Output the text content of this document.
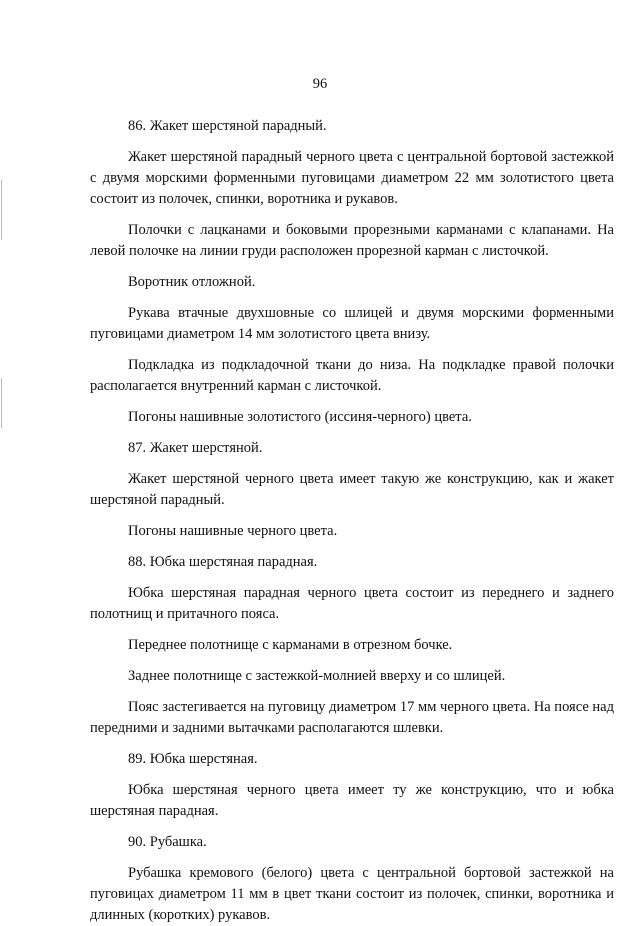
96

86. Жакет шерстяной парадный.

Жакет шерстяной парадный черного цвета с центральной бортовой застежкой с двумя морскими форменными пуговицами диаметром 22 мм золотистого цвета состоит из полочек, спинки, воротника и рукавов.

Полочки с лацканами и боковыми прорезными карманами с клапанами. На левой полочке на линии груди расположен прорезной карман с листочкой.

Воротник отложной.

Рукава втачные двухшовные со шлицей и двумя морскими форменными пуговицами диаметром 14 мм золотистого цвета внизу.

Подкладка из подкладочной ткани до низа. На подкладке правой полочки располагается внутренний карман с листочкой.

Погоны нашивные золотистого (иссиня-черного) цвета.

87. Жакет шерстяной.

Жакет шерстяной черного цвета имеет такую же конструкцию, как и жакет шерстяной парадный.

Погоны нашивные черного цвета.

88. Юбка шерстяная парадная.

Юбка шерстяная парадная черного цвета состоит из переднего и заднего полотнищ и притачного пояса.

Переднее полотнище с карманами в отрезном бочке.

Заднее полотнище с застежкой-молнией вверху и со шлицей.

Пояс застегивается на пуговицу диаметром 17 мм черного цвета. На поясе над передними и задними вытачками располагаются шлевки.

89. Юбка шерстяная.

Юбка шерстяная черного цвета имеет ту же конструкцию, что и юбка шерстяная парадная.

90. Рубашка.

Рубашка кремового (белого) цвета с центральной бортовой застежкой на пуговицах диаметром 11 мм в цвет ткани состоит из полочек, спинки, воротника и длинных (коротких) рукавов.
